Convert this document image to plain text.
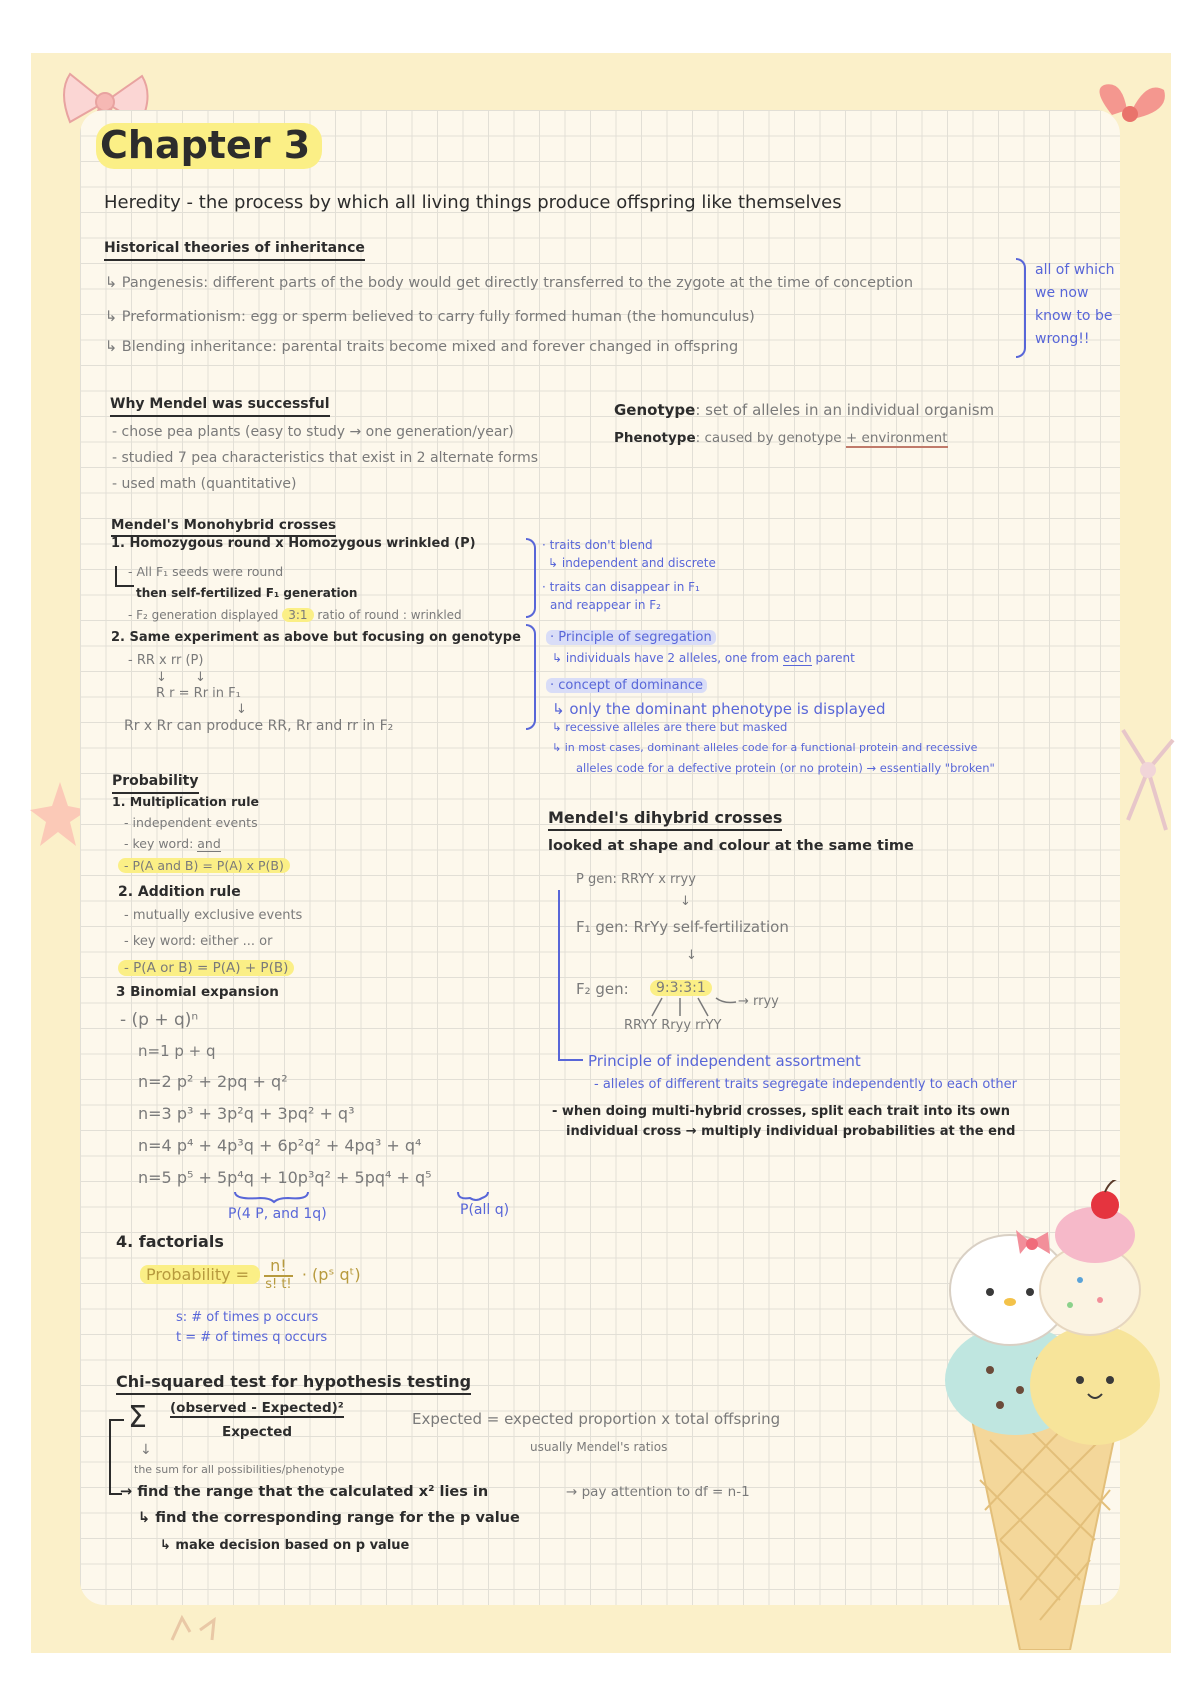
Chapter 3
Heredity - the process by which all living things produce offspring like themselves
Historical theories of inheritance
↳ Pangenesis: different parts of the body would get directly transferred to the zygote at the time of conception
↳ Preformationism: egg or sperm believed to carry fully formed human (the homunculus)
↳ Blending inheritance: parental traits become mixed and forever changed in offspring
all of which
we now
know to be
wrong!!
Why Mendel was successful
- chose pea plants (easy to study → one generation/year)
- studied 7 pea characteristics that exist in 2 alternate forms
- used math (quantitative)
Genotype: set of alleles in an individual organism
Phenotype: caused by genotype + environment
Mendel's Monohybrid crosses
1. Homozygous round x Homozygous wrinkled (P)
- All F₁ seeds were round
then self-fertilized F₁ generation
- F₂ generation displayed 3:1 ratio of round : wrinkled
2. Same experiment as above but focusing on genotype
- RR x rr (P)
↓ ↓
R r = Rr in F₁
↓
Rr x Rr can produce RR, Rr and rr in F₂
· traits don't blend
↳ independent and discrete
· traits can disappear in F₁
and reappear in F₂
· Principle of segregation
↳ individuals have 2 alleles, one from each parent
· concept of dominance
↳ only the dominant phenotype is displayed
↳ recessive alleles are there but masked
↳ in most cases, dominant alleles code for a functional protein and recessive
alleles code for a defective protein (or no protein) → essentially "broken"
Probability
1. Multiplication rule
- independent events
- key word: and
- P(A and B) = P(A) x P(B)
2. Addition rule
- mutually exclusive events
- key word: either ... or
- P(A or B) = P(A) + P(B)
3 Binomial expansion
- (p + q)ⁿ
n=1 p + q
n=2 p² + 2pq + q²
n=3 p³ + 3p²q + 3pq² + q³
n=4 p⁴ + 4p³q + 6p²q² + 4pq³ + q⁴
n=5 p⁵ + 5p⁴q + 10p³q² + 5pq⁴ + q⁵
P(4 P, and 1q)	P(all q)
4. factorials
Probability =	n!
s! t!
· (pˢ qᵗ)
s: # of times p occurs
t = # of times q occurs
Mendel's dihybrid crosses
looked at shape and colour at the same time
P gen: RRYY x rryy
↓
F₁ gen: RrYy self-fertilization
↓
F₂ gen:	9:3:3:1
→ rryy
RRYY Rryy rrYY
Principle of independent assortment
- alleles of different traits segregate independently to each other
- when doing multi-hybrid crosses, split each trait into its own
individual cross → multiply individual probabilities at the end
Chi-squared test for hypothesis testing
Σ (observed - Expected)²
Expected
↓
the sum for all possibilities/phenotype
Expected = expected proportion x total offspring
usually Mendel's ratios
→ find the range that the calculated x² lies in	→ pay attention to df = n-1
↳ find the corresponding range for the p value
↳ make decision based on p value
